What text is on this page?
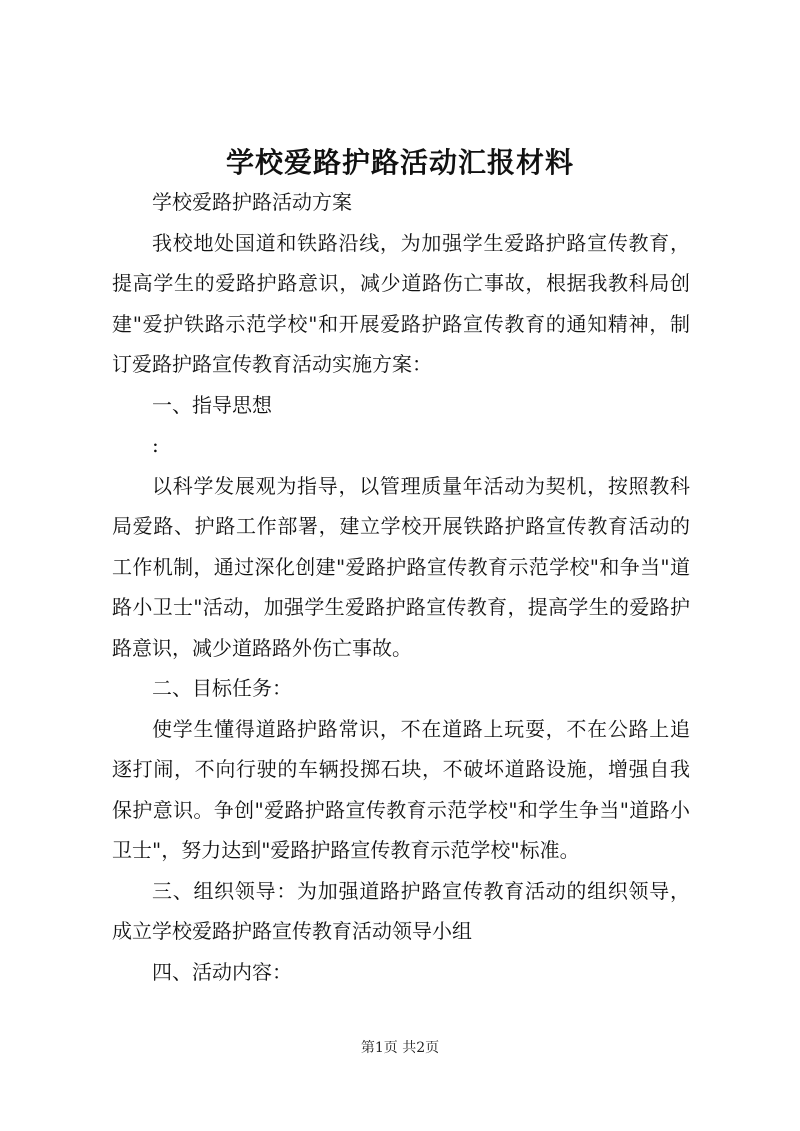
学校爱路护路活动汇报材料

学校爱路护路活动方案

我校地处国道和铁路沿线，为加强学生爱路护路宣传教育，提高学生的爱路护路意识，减少道路伤亡事故，根据我教科局创建"爱护铁路示范学校"和开展爱路护路宣传教育的通知精神，制订爱路护路宣传教育活动实施方案：

一、指导思想

:

以科学发展观为指导，以管理质量年活动为契机，按照教科局爱路、护路工作部署，建立学校开展铁路护路宣传教育活动的工作机制，通过深化创建"爱路护路宣传教育示范学校"和争当"道路小卫士"活动，加强学生爱路护路宣传教育，提高学生的爱路护路意识，减少道路路外伤亡事故。

二、目标任务：

使学生懂得道路护路常识，不在道路上玩耍，不在公路上追逐打闹，不向行驶的车辆投掷石块，不破坏道路设施，增强自我保护意识。争创"爱路护路宣传教育示范学校"和学生争当"道路小卫士"，努力达到"爱路护路宣传教育示范学校"标准。

三、组织领导：为加强道路护路宣传教育活动的组织领导，成立学校爱路护路宣传教育活动领导小组

四、活动内容：

第1页 共2页
